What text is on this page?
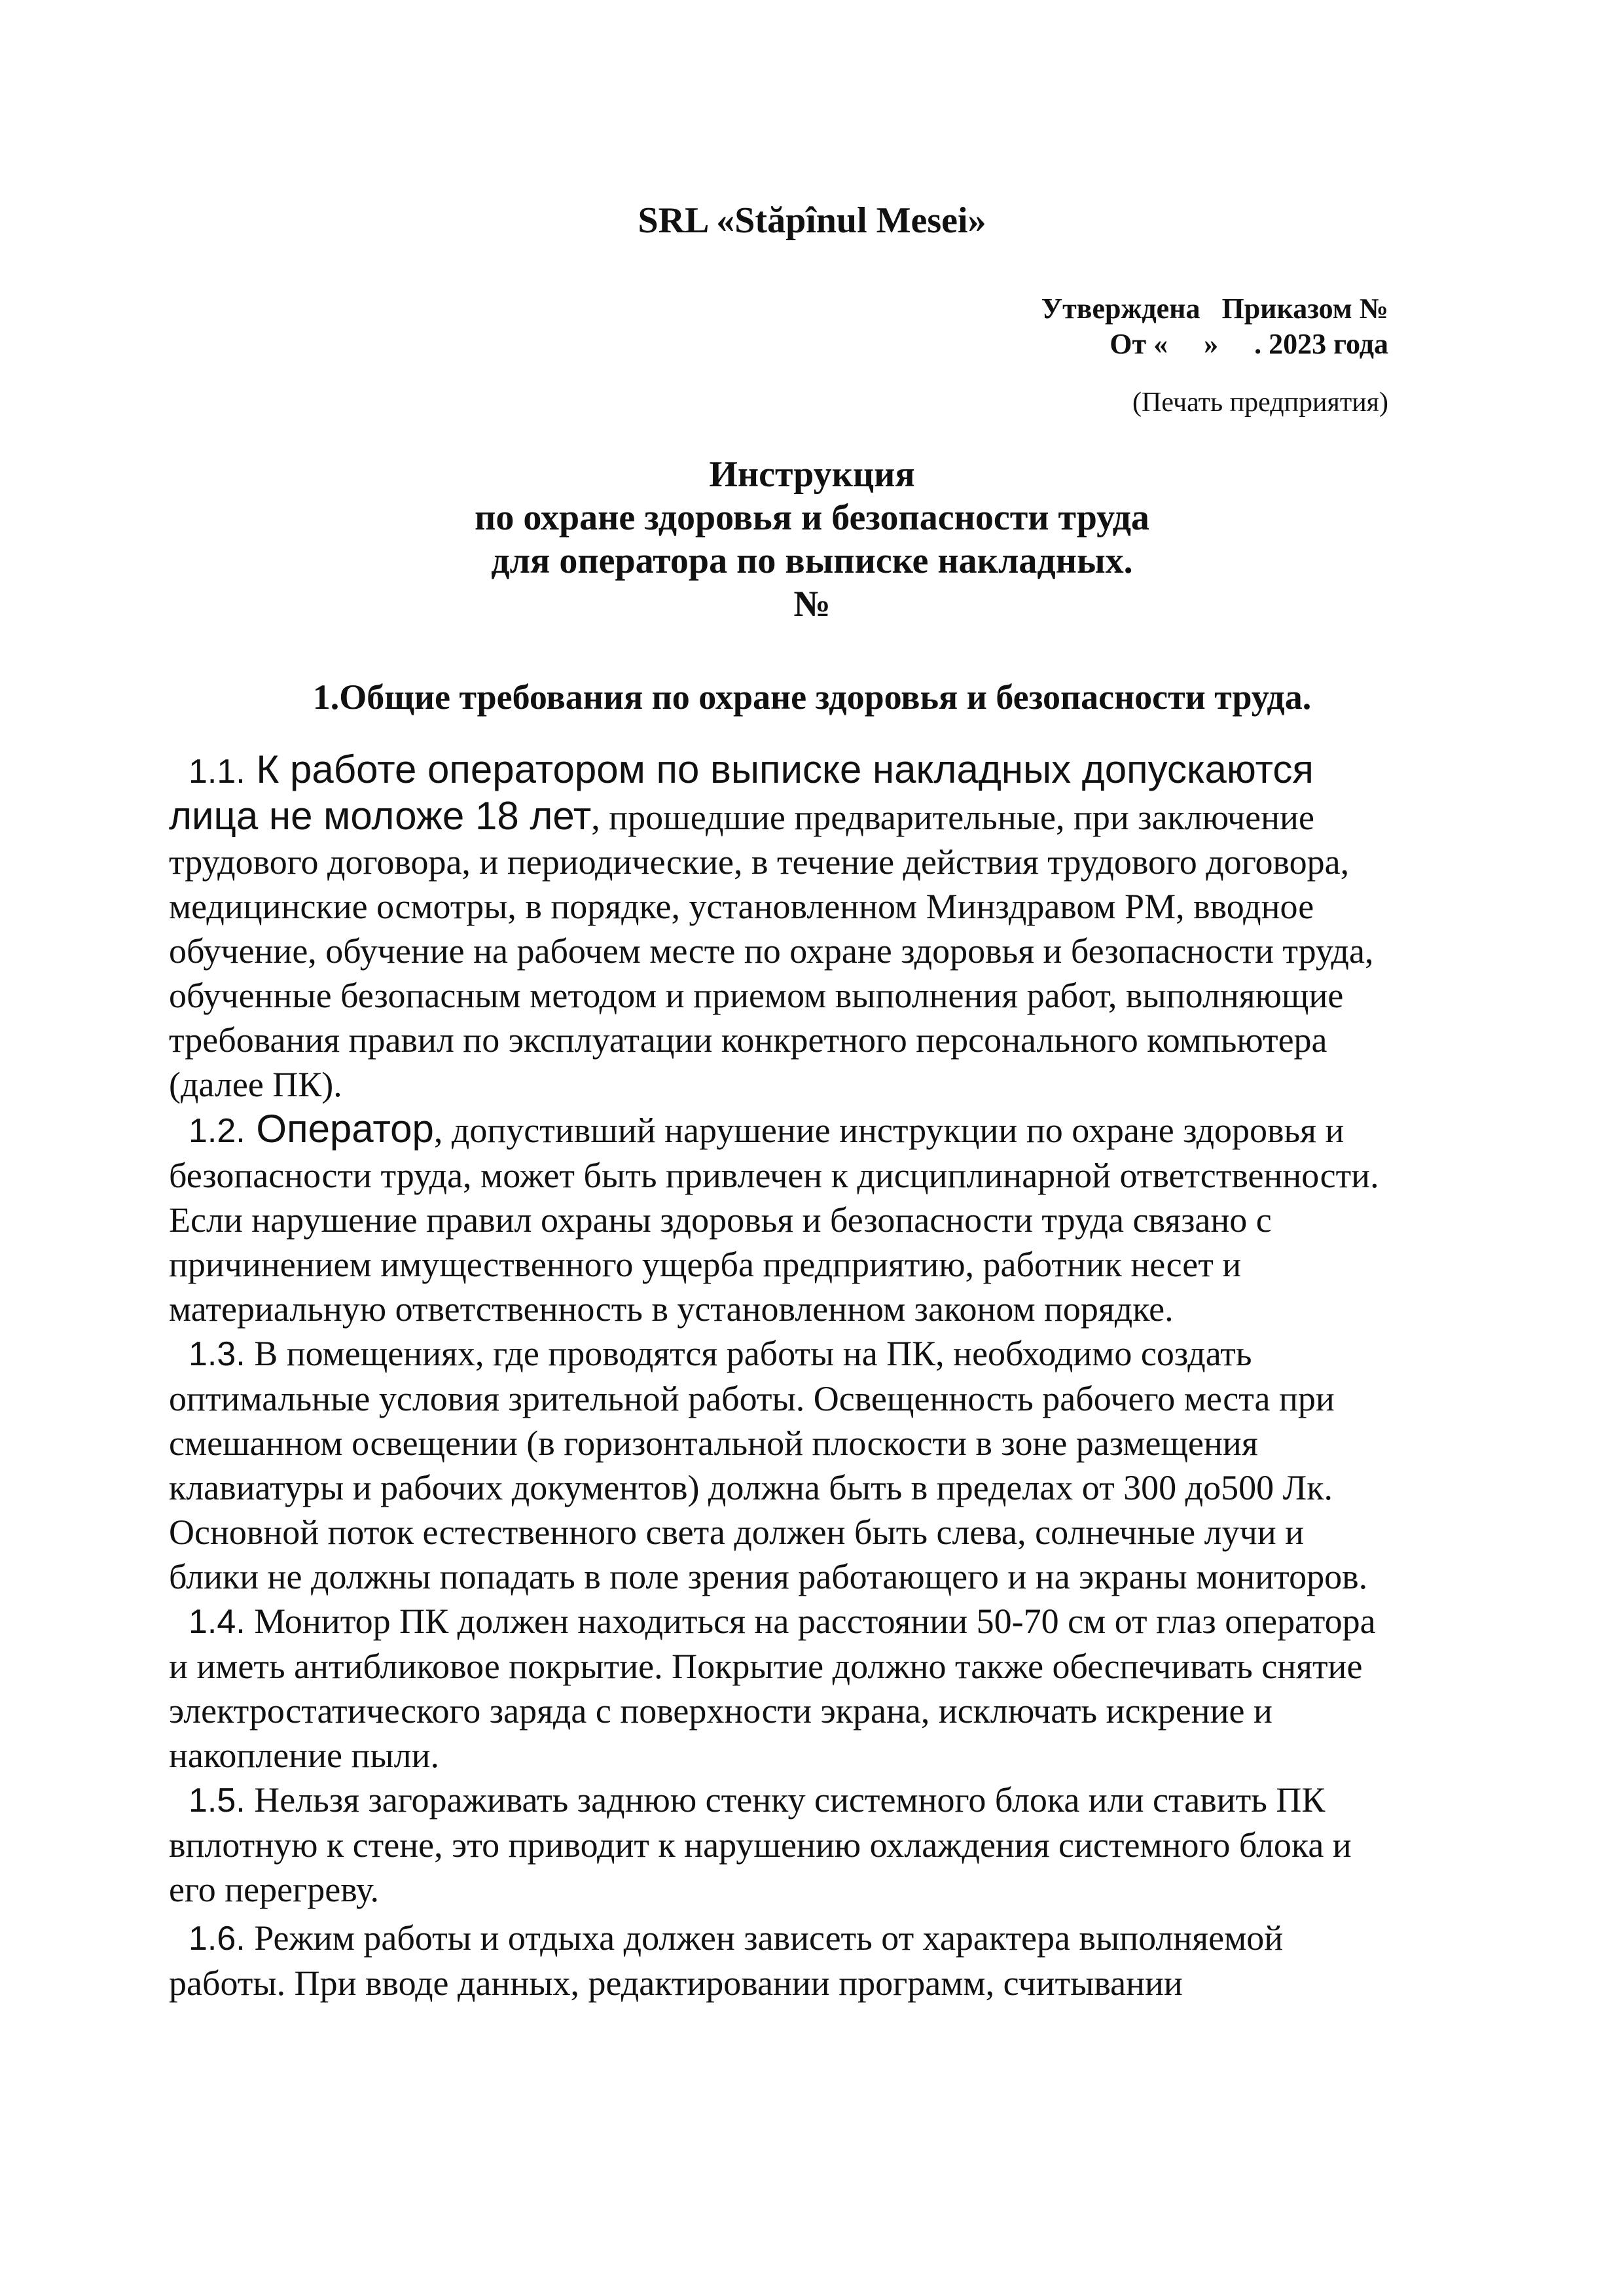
SRL «Stăpînul Mesei»
Утверждена   Приказом №
От «     »     . 2023 года
(Печать предприятия)
Инструкция
по охране здоровья и безопасности труда
для оператора по выписке накладных.
№
1.Общие требования по охране здоровья и безопасности труда.

1.1. К работе оператором по выписке накладных допускаются лица не моложе 18 лет, прошедшие предварительные, при заключение трудового договора, и периодические, в течение действия трудового договора, медицинские осмотры, в порядке, установленном Минздравом РМ, вводное обучение, обучение на рабочем месте по охране здоровья и безопасности труда, обученные безопасным методом и приемом выполнения работ, выполняющие требования правил по эксплуатации конкретного персонального компьютера (далее ПК).

1.2. Оператор, допустивший нарушение инструкции по охране здоровья и безопасности труда, может быть привлечен к дисциплинарной ответственности. Если нарушение правил охраны здоровья и безопасности труда связано с причинением имущественного ущерба предприятию, работник несет и материальную ответственность в установленном законом порядке.

1.3. В помещениях, где проводятся работы на ПК, необходимо создать оптимальные условия зрительной работы. Освещенность рабочего места при смешанном освещении (в горизонтальной плоскости в зоне размещения клавиатуры и рабочих документов) должна быть в пределах от 300 до500 Лк. Основной поток естественного света должен быть слева, солнечные лучи и блики не должны попадать в поле зрения работающего и на экраны мониторов.

1.4. Монитор ПК должен находиться на расстоянии 50-70 см от глаз оператора и иметь антибликовое покрытие. Покрытие должно также обеспечивать снятие электростатического заряда с поверхности экрана, исключать искрение и накопление пыли.

1.5. Нельзя загораживать заднюю стенку системного блока или ставить ПК вплотную к стене, это приводит к нарушению охлаждения системного блока и его перегреву.

1.6. Режим работы и отдыха должен зависеть от характера выполняемой работы. При вводе данных, редактировании программ, считывании
